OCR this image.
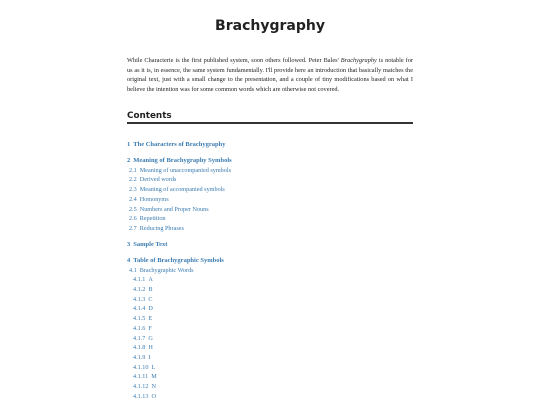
Brachygraphy

While Characterie is the first published system, soon others followed. Peter Bales' Brachygraphy is notable for us as it is, in essence, the same system fundamentally. I'll provide here an introduction that basically matches the original text, just with a small change to the presentation, and a couple of tiny modifications based on what I believe the intention was for some common words which are otherwise not covered.

Contents
1 The Characters of Brachygraphy
2 Meaning of Brachygraphy Symbols
2.1 Meaning of unaccompanied symbols
2.2 Derived words
2.3 Meaning of accompanied symbols
2.4 Homonyms
2.5 Numbers and Proper Nouns
2.6 Repetition
2.7 Reducing Phrases
3 Sample Text
4 Table of Brachygraphic Symbols
4.1 Brachygraphic Words
4.1.1 A
4.1.2 B
4.1.3 C
4.1.4 D
4.1.5 E
4.1.6 F
4.1.7 G
4.1.8 H
4.1.9 I
4.1.10 L
4.1.11 M
4.1.12 N
4.1.13 O
